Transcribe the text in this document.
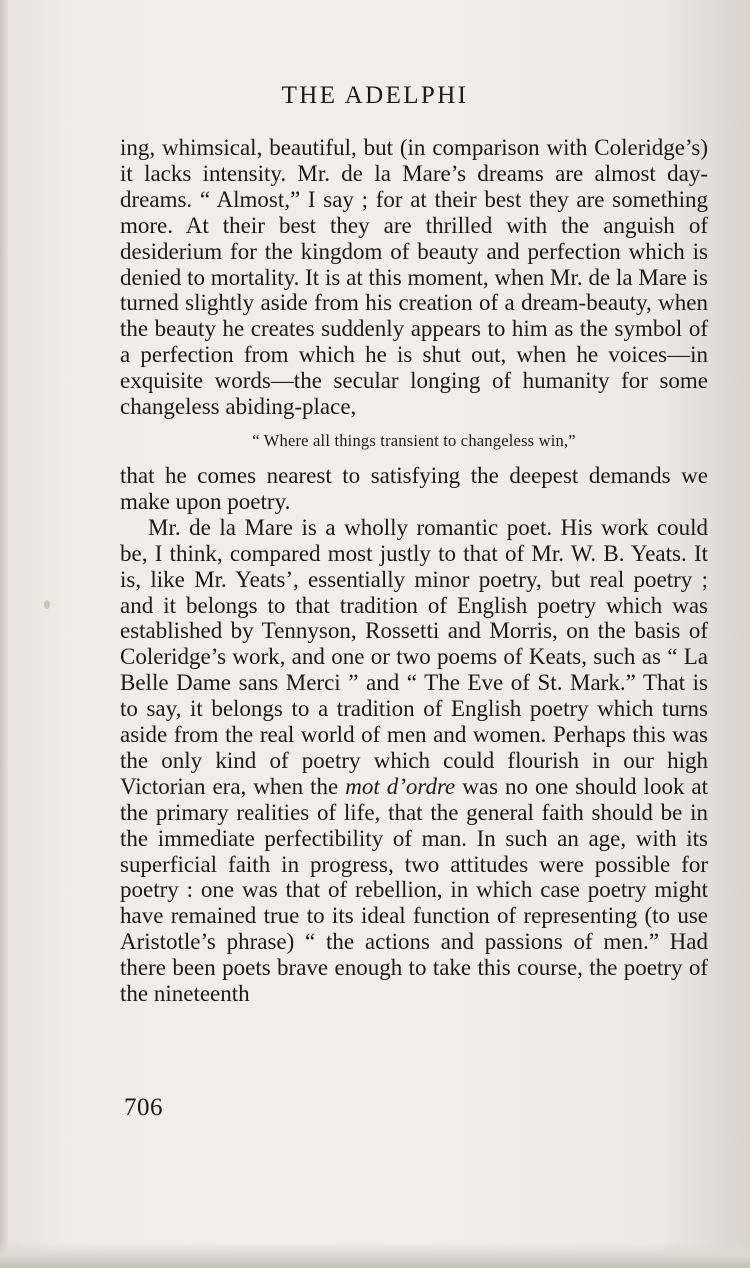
THE ADELPHI

ing, whimsical, beautiful, but (in comparison with Coleridge’s) it lacks intensity. Mr. de la Mare’s dreams are almost day-dreams. “ Almost,” I say ; for at their best they are something more. At their best they are thrilled with the anguish of desiderium for the kingdom of beauty and perfection which is denied to mortality. It is at this moment, when Mr. de la Mare is turned slightly aside from his creation of a dream-beauty, when the beauty he creates suddenly appears to him as the symbol of a perfection from which he is shut out, when he voices—in exquisite words—the secular longing of humanity for some changeless abiding-place,

“ Where all things transient to changeless win,”

that he comes nearest to satisfying the deepest demands we make upon poetry.

Mr. de la Mare is a wholly romantic poet. His work could be, I think, compared most justly to that of Mr. W. B. Yeats. It is, like Mr. Yeats’, essentially minor poetry, but real poetry ; and it belongs to that tradition of English poetry which was established by Tennyson, Rossetti and Morris, on the basis of Coleridge’s work, and one or two poems of Keats, such as “ La Belle Dame sans Merci ” and “ The Eve of St. Mark.” That is to say, it belongs to a tradition of English poetry which turns aside from the real world of men and women. Perhaps this was the only kind of poetry which could flourish in our high Victorian era, when the mot d’ordre was no one should look at the primary realities of life, that the general faith should be in the immediate perfectibility of man. In such an age, with its superficial faith in progress, two attitudes were possible for poetry : one was that of rebellion, in which case poetry might have remained true to its ideal function of representing (to use Aristotle’s phrase) “ the actions and passions of men.” Had there been poets brave enough to take this course, the poetry of the nineteenth

706
